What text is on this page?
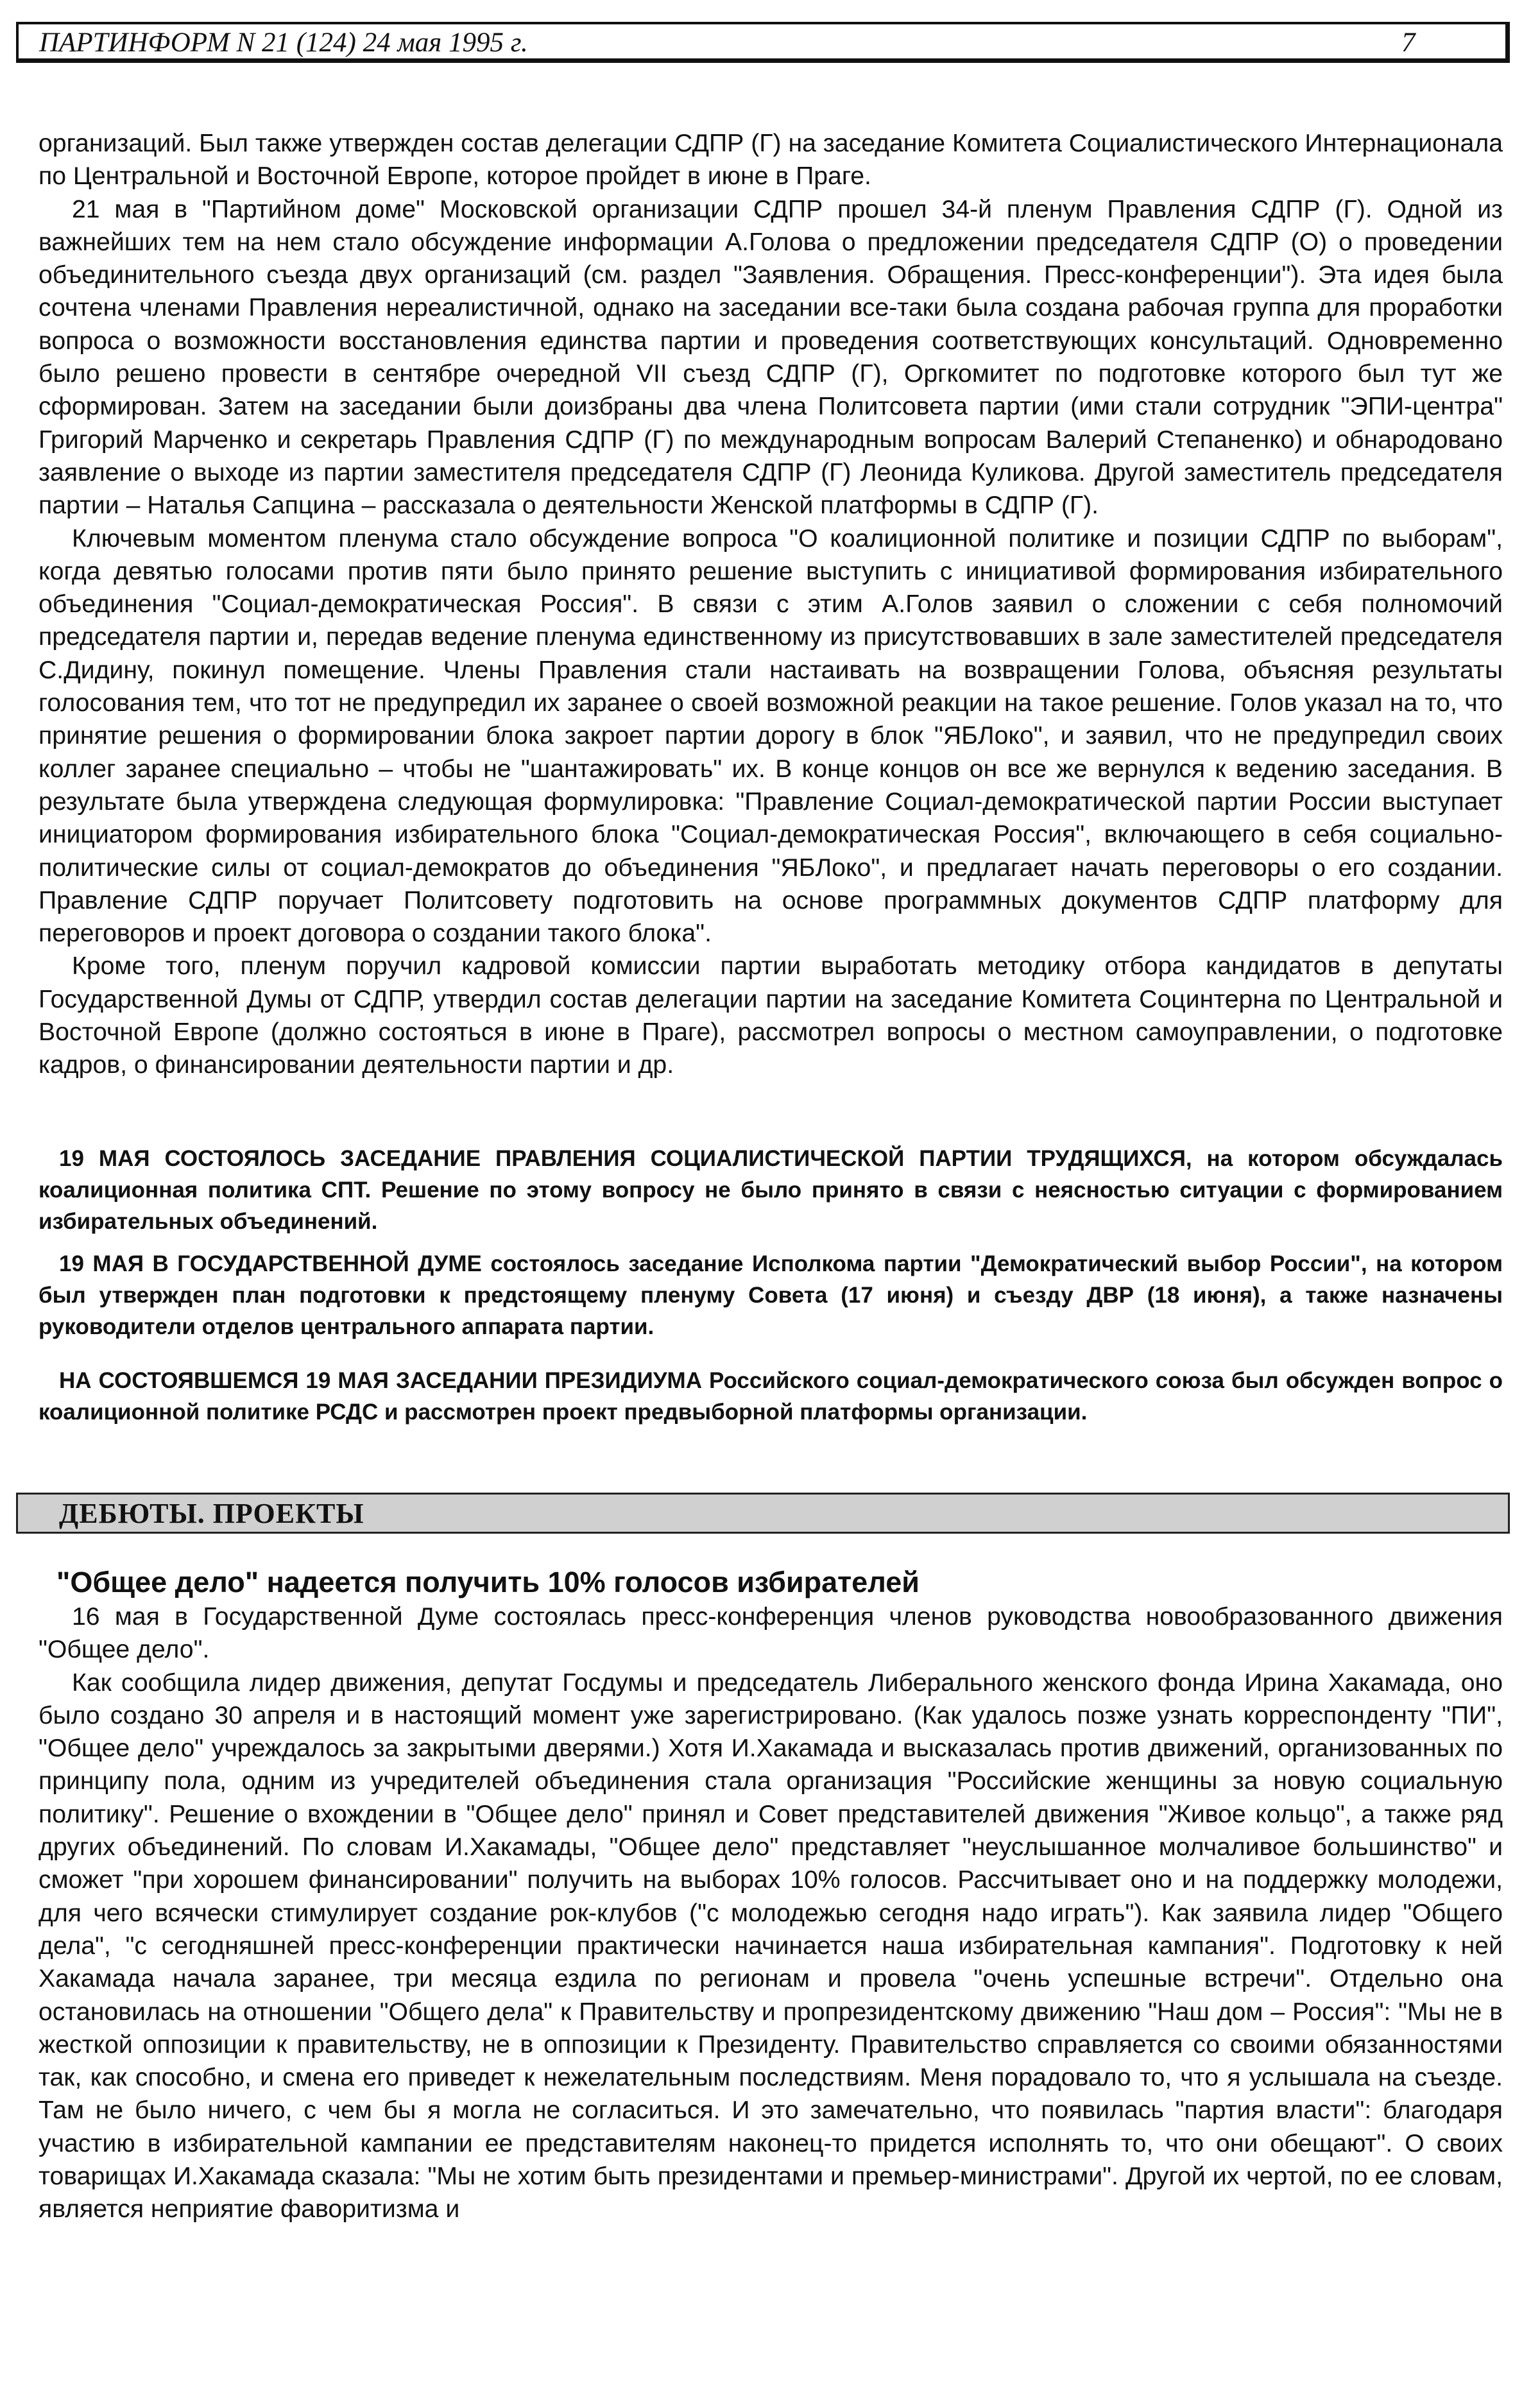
ПАРТИНФОРМ N 21 (124) 24 мая 1995 г.	7

организаций. Был также утвержден состав делегации СДПР (Г) на заседание Комитета Социалистического Интернационала по Центральной и Восточной Европе, которое пройдет в июне в Праге.

21 мая в "Партийном доме" Московской организации СДПР прошел 34-й пленум Правления СДПР (Г). Одной из важнейших тем на нем стало обсуждение информации А.Голова о предложении председателя СДПР (О) о проведении объединительного съезда двух организаций (см. раздел "Заявления. Обращения. Пресс-конференции"). Эта идея была сочтена членами Правления нереалистичной, однако на заседании все-таки была создана рабочая группа для проработки вопроса о возможности восстановления единства партии и проведения соответствующих консультаций. Одновременно было решено провести в сентябре очередной VII съезд СДПР (Г), Оргкомитет по подготовке которого был тут же сформирован. Затем на заседании были доизбраны два члена Политсовета партии (ими стали сотрудник "ЭПИ-центра" Григорий Марченко и секретарь Правления СДПР (Г) по международным вопросам Валерий Степаненко) и обнародовано заявление о выходе из партии заместителя председателя СДПР (Г) Леонида Куликова. Другой заместитель председателя партии – Наталья Сапцина – рассказала о деятельности Женской платформы в СДПР (Г).

Ключевым моментом пленума стало обсуждение вопроса "О коалиционной политике и позиции СДПР по выборам", когда девятью голосами против пяти было принято решение выступить с инициативой формирования избирательного объединения "Социал-демократическая Россия". В связи с этим А.Голов заявил о сложении с себя полномочий председателя партии и, передав ведение пленума единственному из присутствовавших в зале заместителей председателя С.Дидину, покинул помещение. Члены Правления стали настаивать на возвращении Голова, объясняя результаты голосования тем, что тот не предупредил их заранее о своей возможной реакции на такое решение. Голов указал на то, что принятие решения о формировании блока закроет партии дорогу в блок "ЯБЛоко", и заявил, что не предупредил своих коллег заранее специально – чтобы не "шантажировать" их. В конце концов он все же вернулся к ведению заседания. В результате была утверждена следующая формулировка: "Правление Социал-демократической партии России выступает инициатором формирования избирательного блока "Социал-демократическая Россия", включающего в себя социально-политические силы от социал-демократов до объединения "ЯБЛоко", и предлагает начать переговоры о его создании. Правление СДПР поручает Политсовету подготовить на основе программных документов СДПР платформу для переговоров и проект договора о создании такого блока".

Кроме того, пленум поручил кадровой комиссии партии выработать методику отбора кандидатов в депутаты Государственной Думы от СДПР, утвердил состав делегации партии на заседание Комитета Социнтерна по Центральной и Восточной Европе (должно состояться в июне в Праге), рассмотрел вопросы о местном самоуправлении, о подготовке кадров, о финансировании деятельности партии и др.

19 МАЯ СОСТОЯЛОСЬ ЗАСЕДАНИЕ ПРАВЛЕНИЯ СОЦИАЛИСТИЧЕСКОЙ ПАРТИИ ТРУДЯЩИХСЯ, на котором обсуждалась коалиционная политика СПТ. Решение по этому вопросу не было принято в связи с неясностью ситуации с формированием избирательных объединений.

19 МАЯ В ГОСУДАРСТВЕННОЙ ДУМЕ состоялось заседание Исполкома партии "Демократический выбор России", на котором был утвержден план подготовки к предстоящему пленуму Совета (17 июня) и съезду ДВР (18 июня), а также назначены руководители отделов центрального аппарата партии.

НА СОСТОЯВШЕМСЯ 19 МАЯ ЗАСЕДАНИИ ПРЕЗИДИУМА Российского социал-демократического союза был обсужден вопрос о коалиционной политике РСДС и рассмотрен проект предвыборной платформы организации.

ДЕБЮТЫ. ПРОЕКТЫ
"Общее дело" надеется получить 10% голосов избирателей

16 мая в Государственной Думе состоялась пресс-конференция членов руководства новообразованного движения "Общее дело".

Как сообщила лидер движения, депутат Госдумы и председатель Либерального женского фонда Ирина Хакамада, оно было создано 30 апреля и в настоящий момент уже зарегистрировано. (Как удалось позже узнать корреспонденту "ПИ", "Общее дело" учреждалось за закрытыми дверями.) Хотя И.Хакамада и высказалась против движений, организованных по принципу пола, одним из учредителей объединения стала организация "Российские женщины за новую социальную политику". Решение о вхождении в "Общее дело" принял и Совет представителей движения "Живое кольцо", а также ряд других объединений. По словам И.Хакамады, "Общее дело" представляет "неуслышанное молчаливое большинство" и сможет "при хорошем финансировании" получить на выборах 10% голосов. Рассчитывает оно и на поддержку молодежи, для чего всячески стимулирует создание рок-клубов ("с молодежью сегодня надо играть"). Как заявила лидер "Общего дела", "с сегодняшней пресс-конференции практически начинается наша избирательная кампания". Подготовку к ней Хакамада начала заранее, три месяца ездила по регионам и провела "очень успешные встречи". Отдельно она остановилась на отношении "Общего дела" к Правительству и пропрезидентскому движению "Наш дом – Россия": "Мы не в жесткой оппозиции к правительству, не в оппозиции к Президенту. Правительство справляется со своими обязанностями так, как способно, и смена его приведет к нежелательным последствиям. Меня порадовало то, что я услышала на съезде. Там не было ничего, с чем бы я могла не согласиться. И это замечательно, что появилась "партия власти": благодаря участию в избирательной кампании ее представителям наконец-то придется исполнять то, что они обещают". О своих товарищах И.Хакамада сказала: "Мы не хотим быть президентами и премьер-министрами". Другой их чертой, по ее словам, является неприятие фаворитизма и
